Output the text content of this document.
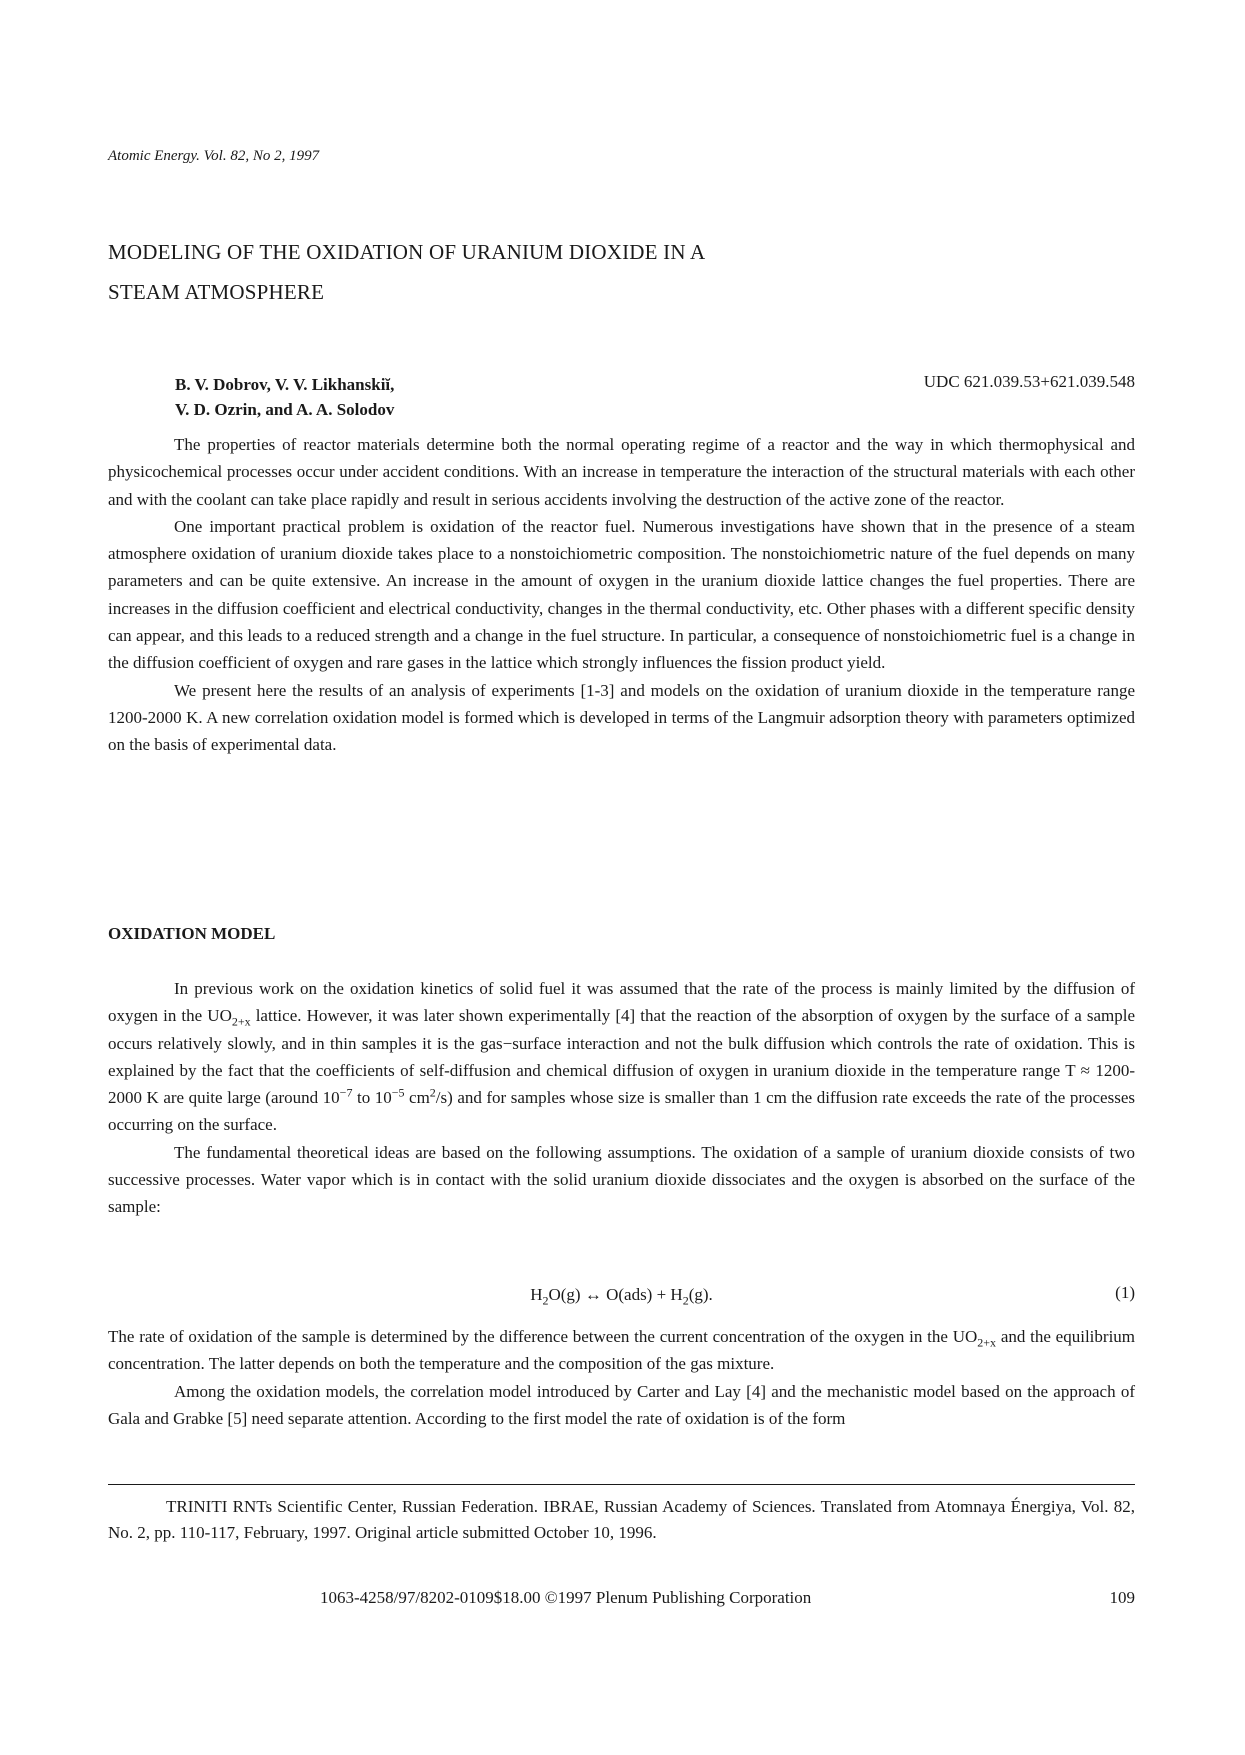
Atomic Energy. Vol. 82, No 2, 1997
MODELING OF THE OXIDATION OF URANIUM DIOXIDE IN A
STEAM ATMOSPHERE
B. V. Dobrov, V. V. Likhanskiĭ,
V. D. Ozrin, and A. A. Solodov
UDC 621.039.53+621.039.548

The properties of reactor materials determine both the normal operating regime of a reactor and the way in which thermophysical and physicochemical processes occur under accident conditions. With an increase in temperature the interaction of the structural materials with each other and with the coolant can take place rapidly and result in serious accidents involving the destruction of the active zone of the reactor.

One important practical problem is oxidation of the reactor fuel. Numerous investigations have shown that in the presence of a steam atmosphere oxidation of uranium dioxide takes place to a nonstoichiometric composition. The nonstoichiometric nature of the fuel depends on many parameters and can be quite extensive. An increase in the amount of oxygen in the uranium dioxide lattice changes the fuel properties. There are increases in the diffusion coefficient and electrical conductivity, changes in the thermal conductivity, etc. Other phases with a different specific density can appear, and this leads to a reduced strength and a change in the fuel structure. In particular, a consequence of nonstoichiometric fuel is a change in the diffusion coefficient of oxygen and rare gases in the lattice which strongly influences the fission product yield.

We present here the results of an analysis of experiments [1-3] and models on the oxidation of uranium dioxide in the temperature range 1200-2000 K. A new correlation oxidation model is formed which is developed in terms of the Langmuir adsorption theory with parameters optimized on the basis of experimental data.

OXIDATION MODEL

In previous work on the oxidation kinetics of solid fuel it was assumed that the rate of the process is mainly limited by the diffusion of oxygen in the $UO_{2+x}$ lattice. However, it was later shown experimentally [4] that the reaction of the absorption of oxygen by the surface of a sample occurs relatively slowly, and in thin samples it is the gas−surface interaction and not the bulk diffusion which controls the rate of oxidation. This is explained by the fact that the coefficients of self-diffusion and chemical diffusion of oxygen in uranium dioxide in the temperature range T ≈ 1200-2000 K are quite large (around $10^{-7}$ to $10^{-5}$ $cm^2/s$) and for samples whose size is smaller than 1 cm the diffusion rate exceeds the rate of the processes occurring on the surface.

The fundamental theoretical ideas are based on the following assumptions. The oxidation of a sample of uranium dioxide consists of two successive processes. Water vapor which is in contact with the solid uranium dioxide dissociates and the oxygen is absorbed on the surface of the sample:

$H_2O(g)$ ↔ $O(ads) + H_2(g)$.	(1)

The rate of oxidation of the sample is determined by the difference between the current concentration of the oxygen in the $UO_{2+x}$ and the equilibrium concentration. The latter depends on both the temperature and the composition of the gas mixture.

Among the oxidation models, the correlation model introduced by Carter and Lay [4] and the mechanistic model based on the approach of Gala and Grabke [5] need separate attention. According to the first model the rate of oxidation is of the form

TRINITI RNTs Scientific Center, Russian Federation. IBRAE, Russian Academy of Sciences. Translated from Atomnaya Énergiya, Vol. 82, No. 2, pp. 110-117, February, 1997. Original article submitted October 10, 1996.
1063-4258/97/8202-0109$18.00 ©1997 Plenum Publishing Corporation	109
